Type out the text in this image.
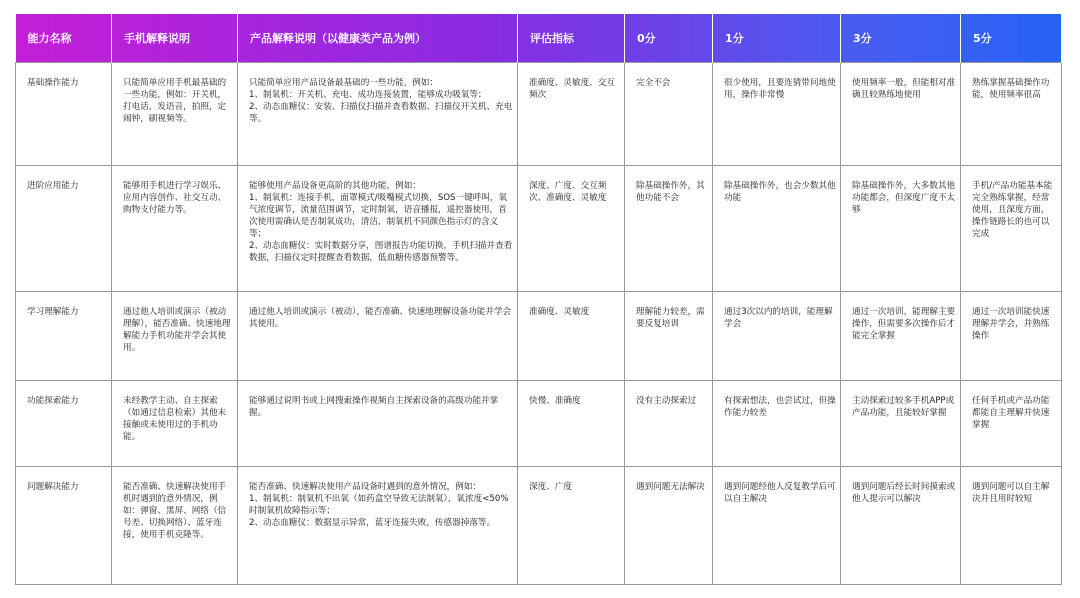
能力名称	手机解释说明	产品解释说明（以健康类产品为例）	评估指标	0分	1分	3分	5分
基础操作能力	只能简单应用手机最基础的一些功能，例如：开关机，打电话，发语音，拍照，定闹钟，刷视频等。	只能简单应用产品设备最基础的一些功能，例如：
1、制氧机：开关机、充电、成功连接装置，能够成功吸氧等；
2、动态血糖仪：安装、扫描仪扫描并查看数据、扫描仪开关机、充电等。	准确度、灵敏度、交互频次	完全不会	很少使用，且要连猜带问地使用，操作非常慢	使用频率一般，但能相对准确且较熟练地使用	熟练掌握基础操作功能，使用频率很高
进阶应用能力	能够用手机进行学习娱乐、应用内容创作、社交互动、购物支付能力等。	能够使用产品设备更高阶的其他功能，例如：
1、制氧机：连接手机，面罩模式/吸嘴模式切换，SOS一键呼叫，氧气浓度调节，流量范围调节，定时制氧，语音播报，遥控器使用，首次使用需确认是否制氧成功，清洁，制氧机不同颜色指示灯的含义等；
2、动态血糖仪：实时数据分享，图谱报告功能切换，手机扫描并查看数据，扫描仪定时提醒查看数据，低血糖传感器预警等。	深度、广度、交互频次、准确度、灵敏度	除基础操作外，其他功能不会	除基础操作外，也会少数其他功能	除基础操作外，大多数其他功能都会，但深度广度不太够	手机/产品功能基本能完全熟练掌握，经常使用，且深度方面，操作链路长的也可以完成
学习理解能力	通过他人培训或演示（被动理解），能否准确、快速地理解能力手机功能并学会其使用。	通过他人培训或演示（被动），能否准确、快速地理解设备功能并学会其使用。	准确度、灵敏度	理解能力较差，需要反复培训	通过3次以内的培训，能理解学会	通过一次培训，能理解主要操作，但需要多次操作后才能完全掌握	通过一次培训能快速理解并学会，并熟练操作
功能探索能力	未经教学主动、自主探索（如通过信息检索）其他未接触或未使用过的手机功能。	能够通过说明书或上网搜索操作视频自主探索设备的高级功能并掌握。	快慢、准确度	没有主动探索过	有探索想法，也尝试过，但操作能力较差	主动探索过较多手机APP或产品功能，且能较好掌握	任何手机或产品功能都能自主理解并快速掌握
问题解决能力	能否准确、快速解决使用手机时遇到的意外情况，例如：弹窗、黑屏、网络（信号差、切换网络）、蓝牙连接，使用手机克隆等。	能否准确、快速解决使用产品设备时遇到的意外情况，例如：
1、制氧机：制氧机不出氧（如药盒空导致无法制氧），氧浓度<50%时制氧机故障指示等；
2、动态血糖仪：数据显示异常，蓝牙连接失败，传感器掉落等。	深度、广度	遇到问题无法解决	遇到问题经他人反复教学后可以自主解决	遇到问题后经长时间摸索或他人提示可以解决	遇到问题可以自主解决并且用时较短
